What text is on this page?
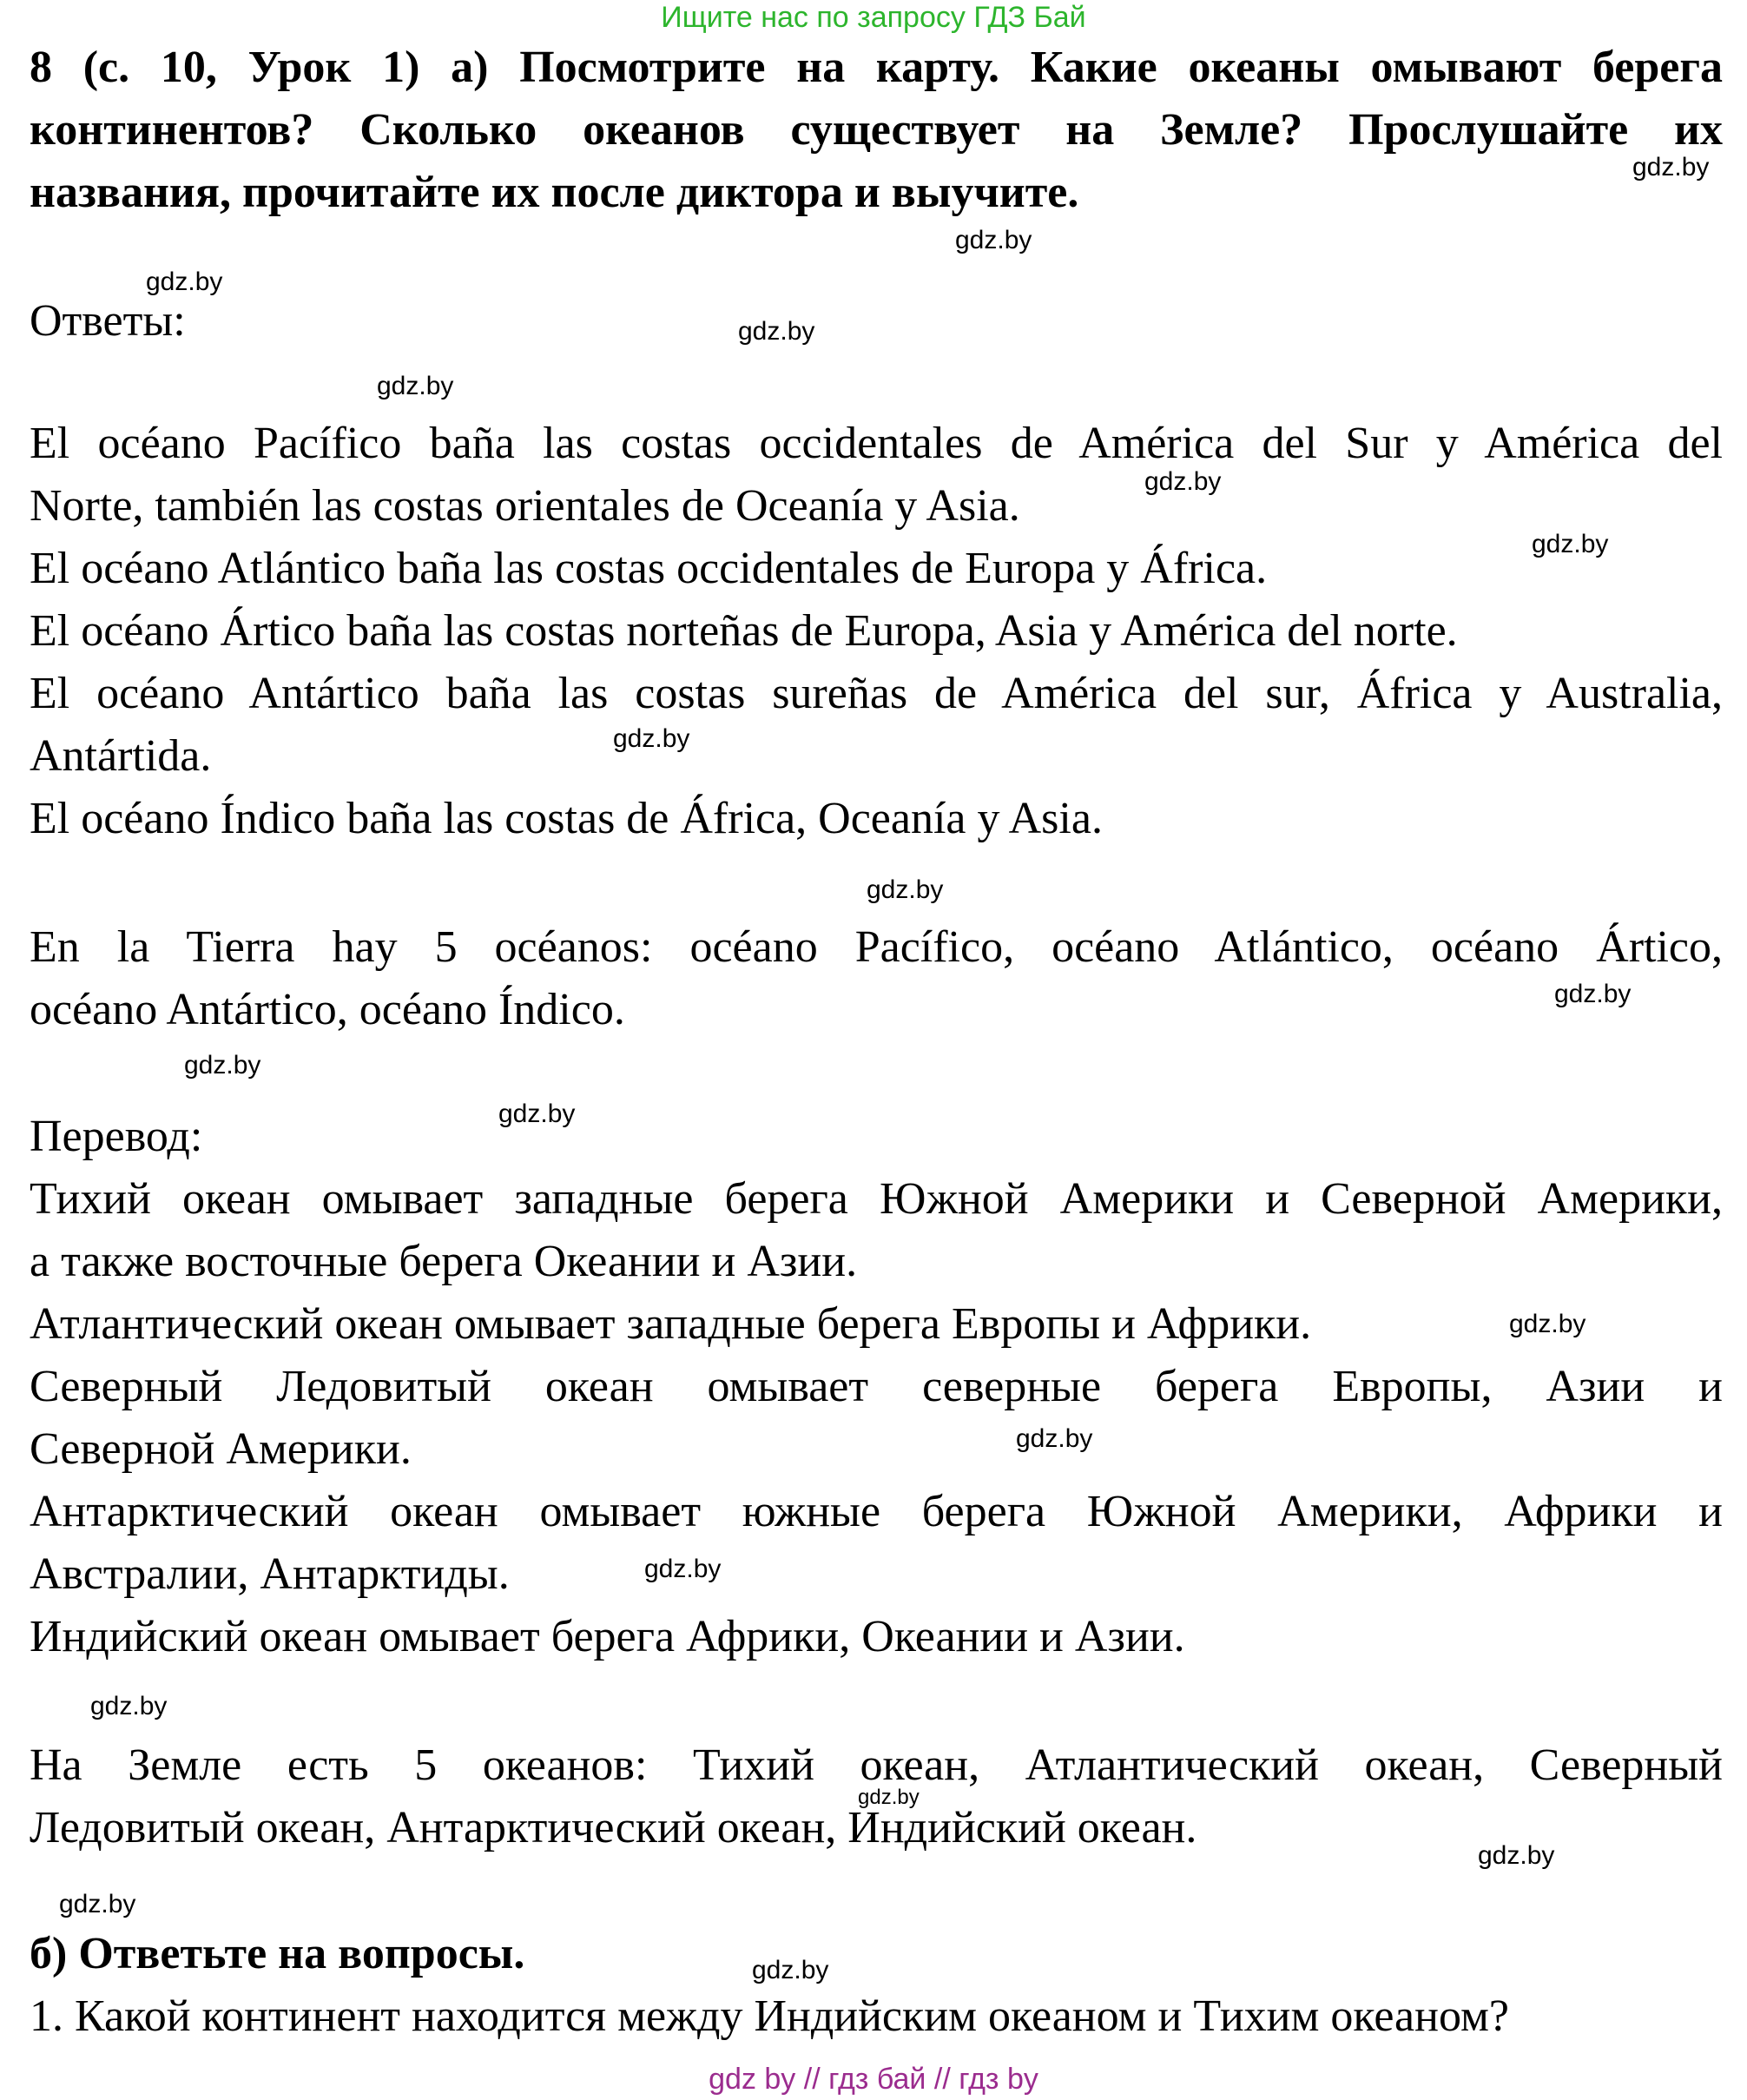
Ищите нас по запросу ГДЗ Бай
8 (с. 10, Урок 1) а) Посмотрите на карту. Какие океаны омывают берега
континентов? Сколько океанов существует на Земле? Прослушайте их
названия, прочитайте их после диктора и выучите.
Ответы:
El océano Pacífico baña las costas occidentales de América del Sur y América del
Norte, también las costas orientales de Oceanía y Asia.
El océano Atlántico baña las costas occidentales de Europa y África.
El océano Ártico baña las costas norteñas de Europa, Asia y América del norte.
El océano Antártico baña las costas sureñas de América del sur, África y Australia,
Antártida.
El océano Índico baña las costas de África, Oceanía y Asia.
En la Tierra hay 5 océanos: océano Pacífico, océano Atlántico, océano Ártico,
océano Antártico, océano Índico.
Перевод:
Тихий океан омывает западные берега Южной Америки и Северной Америки,
а также восточные берега Океании и Азии.
Атлантический океан омывает западные берега Европы и Африки.
Северный Ледовитый океан омывает северные берега Европы, Азии и
Северной Америки.
Антарктический океан омывает южные берега Южной Америки, Африки и
Австралии, Антарктиды.
Индийский океан омывает берега Африки, Океании и Азии.
На Земле есть 5 океанов: Тихий океан, Атлантический океан, Северный
Ледовитый океан, Антарктический океан, Индийский океан.
б) Ответьте на вопросы.
1. Какой континент находится между Индийским океаном и Тихим океаном?
gdz.by
gdz.by
gdz.by
gdz.by
gdz.by
gdz.by
gdz.by
gdz.by
gdz.by
gdz.by
gdz.by
gdz.by
gdz.by
gdz.by
gdz.by
gdz.by
gdz.by
gdz.by
gdz.by
gdz.by
gdz by // гдз бай // гдз by
